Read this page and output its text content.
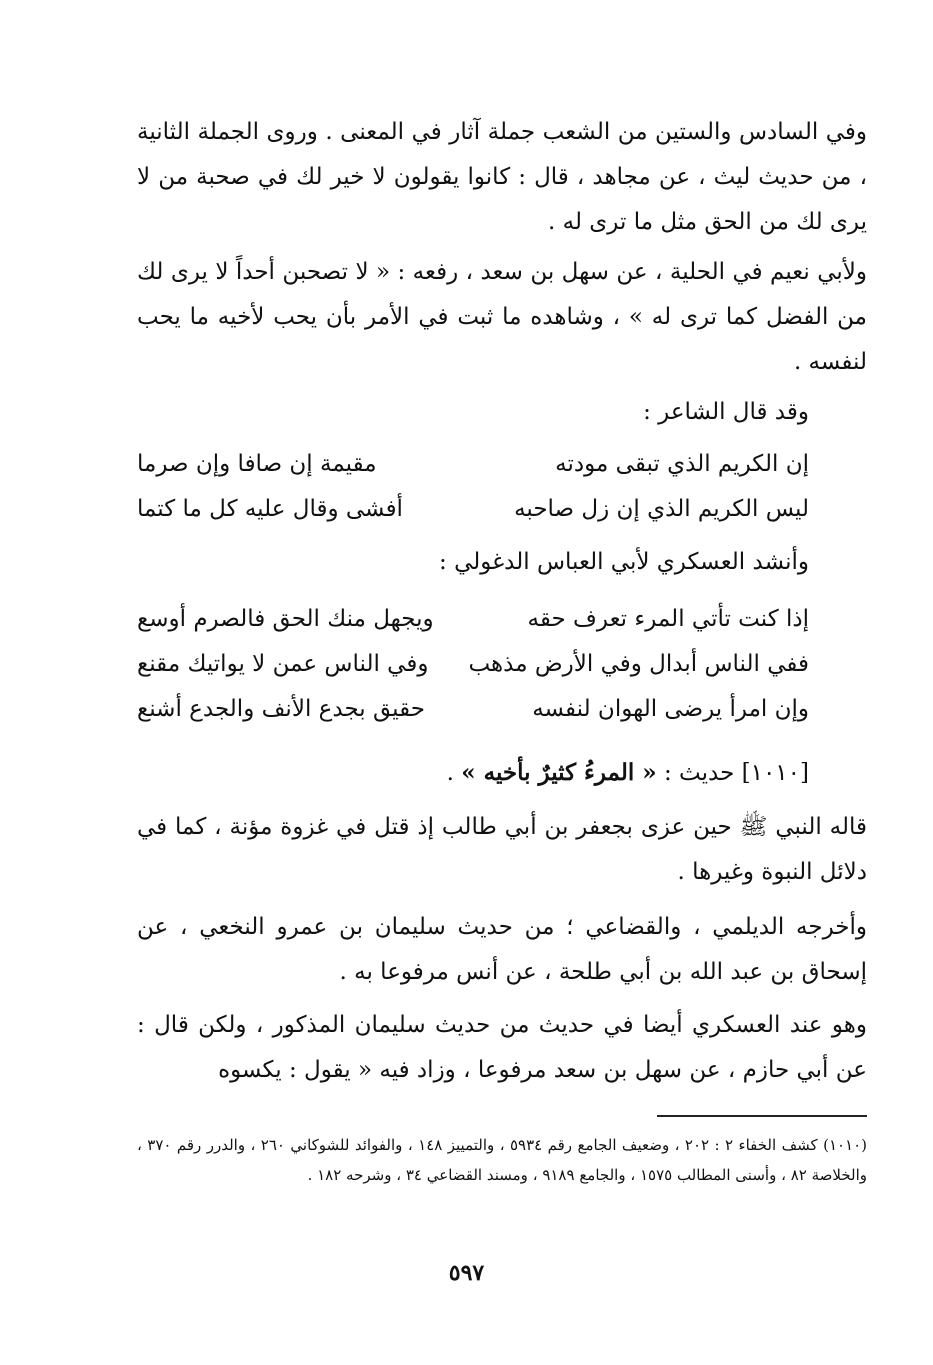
وفي السادس والستين من الشعب جملة آثار في المعنى . وروى الجملة الثانية ، من حديث ليث ، عن مجاهد ، قال : كانوا يقولون لا خير لك في صحبة من لا يرى لك من الحق مثل ما ترى له .
ولأبي نعيم في الحلية ، عن سهل بن سعد ، رفعه : « لا تصحبن أحداً لا يرى لك من الفضل كما ترى له » ، وشاهده ما ثبت في الأمر بأن يحب لأخيه ما يحب لنفسه .
وقد قال الشاعر :
إن الكريم الذي تبقى مودته
مقيمة إن صافا وإن صرما
ليس الكريم الذي إن زل صاحبه
أفشى وقال عليه كل ما كتما
وأنشد العسكري لأبي العباس الدغولي :
إذا كنت تأتي المرء تعرف حقه
ويجهل منك الحق فالصرم أوسع
ففي الناس أبدال وفي الأرض مذهب
وفي الناس عمن لا يواتيك مقنع
وإن امرأ يرضى الهوان لنفسه
حقيق بجدع الأنف والجدع أشنع
[١٠١٠] حديث : « المرءُ كثيرٌ بأخيه » .
قاله النبي ﷺ حين عزى بجعفر بن أبي طالب إذ قتل في غزوة مؤنة ، كما في دلائل النبوة وغيرها .
وأخرجه الديلمي ، والقضاعي ؛ من حديث سليمان بن عمرو النخعي ، عن إسحاق بن عبد الله بن أبي طلحة ، عن أنس مرفوعا به .
وهو عند العسكري أيضا في حديث من حديث سليمان المذكور ، ولكن قال : عن أبي حازم ، عن سهل بن سعد مرفوعا ، وزاد فيه « يقول : يكسوه
(١٠١٠) كشف الخفاء ٢ : ٢٠٢ ، وضعيف الجامع رقم ٥٩٣٤ ، والتمييز ١٤٨ ، والفوائد للشوكاني ٢٦٠ ، والدرر رقم ٣٧٠ ، والخلاصة ٨٢ ، وأسنى المطالب ١٥٧٥ ، والجامع ٩١٨٩ ، ومسند القضاعي ٣٤ ، وشرحه ١٨٢ .
٥٩٧
